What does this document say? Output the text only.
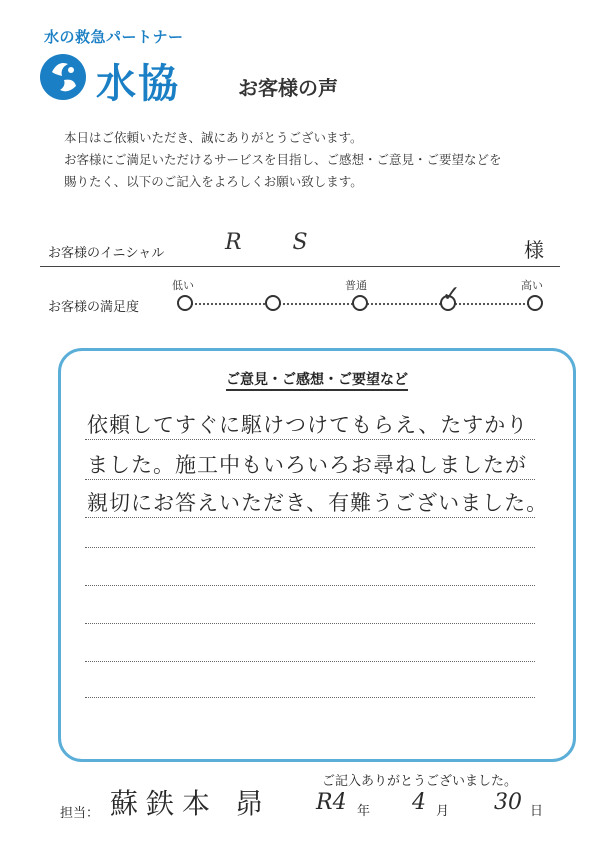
水の救急パートナー
水協	お客様の声
本日はご依頼いただき、誠にありがとうございます。
お客様にご満足いただけるサービスを目指し、ご感想・ご意見・ご要望などを
賜りたく、以下のご記入をよろしくお願い致します。
お客様のイニシャル	R S	様
お客様の満足度
低い	普通	高い
✓
ご意見・ご感想・ご要望など
依頼してすぐに駆けつけてもらえ、たすかり
ました。施工中もいろいろお尋ねしましたが
親切にお答えいただき、有難うございました。
ご記入ありがとうございました。
担当： 蘇鉄本 昴 R4 年 4 月 30 日
